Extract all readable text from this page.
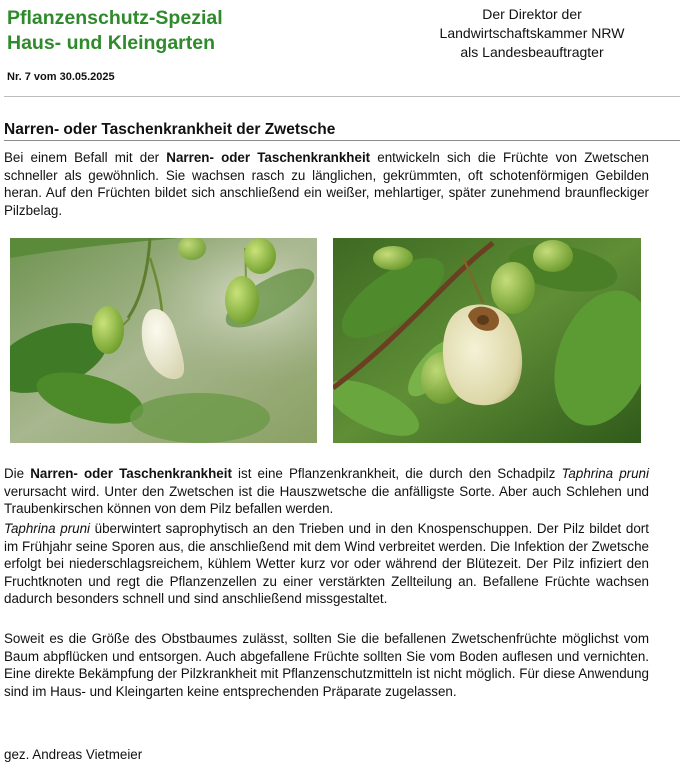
Pflanzenschutz-Spezial
Haus- und Kleingarten
Nr. 7 vom 30.05.2025
Der Direktor der
Landwirtschaftskammer NRW
als Landesbeauftragter
Narren- oder Taschenkrankheit der Zwetsche
Bei einem Befall mit der Narren- oder Taschenkrankheit entwickeln sich die Früchte von Zwetschen schneller als gewöhnlich. Sie wachsen rasch zu länglichen, gekrümmten, oft schotenförmigen Gebilden heran. Auf den Früchten bildet sich anschließend ein weißer, mehlartiger, später zunehmend braunfleckiger Pilzbelag.
Die Narren- oder Taschenkrankheit ist eine Pflanzenkrankheit, die durch den Schadpilz Taphrina pruni verursacht wird. Unter den Zwetschen ist die Hauszwetsche die anfälligste Sorte. Aber auch Schlehen und Traubenkirschen können von dem Pilz befallen werden.
Taphrina pruni überwintert saprophytisch an den Trieben und in den Knospenschuppen. Der Pilz bildet dort im Frühjahr seine Sporen aus, die anschließend mit dem Wind verbreitet werden. Die Infektion der Zwetsche erfolgt bei niederschlagsreichem, kühlem Wetter kurz vor oder während der Blütezeit. Der Pilz infiziert den Fruchtknoten und regt die Pflanzenzellen zu einer verstärkten Zellteilung an. Befallene Früchte wachsen dadurch besonders schnell und sind anschließend missgestaltet.
Soweit es die Größe des Obstbaumes zulässt, sollten Sie die befallenen Zwetschenfrüchte möglichst vom Baum abpflücken und entsorgen. Auch abgefallene Früchte sollten Sie vom Boden auflesen und vernichten. Eine direkte Bekämpfung der Pilzkrankheit mit Pflanzenschutzmitteln ist nicht möglich. Für diese Anwendung sind im Haus- und Kleingarten keine entsprechenden Präparate zugelassen.
gez. Andreas Vietmeier
